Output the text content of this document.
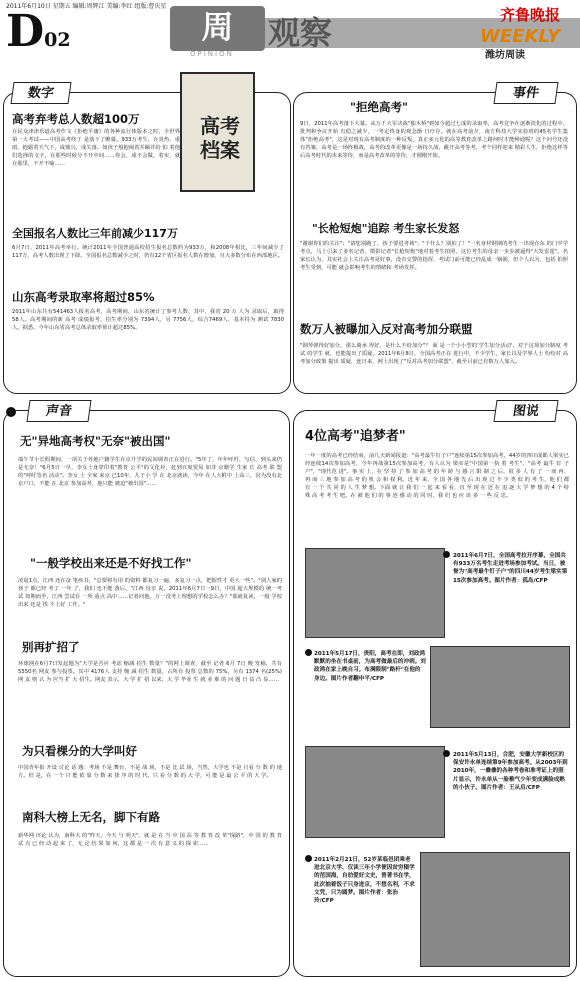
2011年6月10日 星期五 编辑:周辉江 美编:李红 组版:曹庆星
D02	周	观察
OPINION
齐鲁晚报
WEEKLY
潍坊周读
数字
高考
档案
高考弃考总人数超100万
在民众津津乐道高考作文《拒绝平庸》的各种流行体版本之时，全世界第一大考试——中国高考终于 是落下了帷幕。933万考生，在炎热、重雨、抱霸着天气下，成鼎兴，成失落，如孩子般抱闹着并蹦并给 拍 着他们选择的文字，在那些时候分不开中间……你会，成不会做，着实，就在那里，不开不喻……
全国报名人数比三年前减少117万
6月7日，2011年高考举行。统计2011年全国普通高校招生报名总数约为933万，和2008年相比，三年间减少了117万，高考人数出现了下降。全国报名总数减少之时，仍有12个省区报名人数在增加，且大多数分布在西部地区。
山东高考录取率将超过85%
2011年山东共有541463人报名高考，高考期间，山东省统计了参考人数，其中，我省 20 万 人为 录取后，取得 58人。高考期间的新 高考 成绩报考，招生率分别为 7394人，另 7756人，综合7469人，基本持为 测试 7830人。据悉，今年山东省高考总体录取率预计超过85%。
事件
"拒绝高考"
9日，2011年高考落下大幕。从万千大军决战"独木桥"到如今超过七成的录取率，高考竞争在逐渐淡化的过程中，批判和争议开始 有稳之减少，一考定终身的观念渐 日疗存。就在高考前夕，南方科技大学实验班的45名学生集体"拒绝高考"，这是对现有高考制度的一种反叛，真正多元化的高等教育改革之路何时才能畅通呢？这个问号还没有答案，高考是一场终极战，高考的改革更像是一场持久战，跳开高考等考，考个同样迎来 精彩人生，拒绝这样等后高考时代的未来等待，而是高考改革的等待，才刚刚开始。
"长枪短炮"追踪 考生家长发怒
"谢谢你们的关注"；"请您别跑了，孩子要进考场"；"千什么？别拍了！"一名身材钢钢的考生一出现在东 的门中学考点，马上引来了多名记者，摄影记者"长枪短炮"地对着考生拍照，这位考生的母亲一步步被逼得"大发雷霆"。名家长认为，其实社会上关注高考是好事，没有交警的指挥，考试门前可能已经乱成一锅粥，但个人以为，包括 拍照考生受到，可能 就会影响考生的情绪和 考场发挥。
数万人被曝加入反对高考加分联盟
"钢琴弹得好加分，那么骑承 得好，是什么不给加分"？ 面 是一个小小型的'学生加分活动'，对于这项加分制度 考试 的学生 就，也能提出了质疑。2011年6月8日，全国高考正在 进行中，不少学生，家长以及学界人士 纷纷对 高考加分政策 提出 质疑，连日来，网上出现了"反对高考加分联盟"，截至目前已有数万人加入。
声音
无"异地高考权"无奈"被出国"
端午节小长假期间，一项关于外地户籍学生在京升学的民间调查正在进行。"5年了，年年呼吁，写信，到头来仍是无奈！"6月5日一早，李女士身穿印着"教育 公平"的文化衫，赶到百度贸易 如非 京籍学 生家 长 高考 联 盟 的"呼吁签名 活动"。李女 士 全家 来京 已10年，儿子小 学 在 北京就读，今年 在人大附中 上高三，因为没有北京户口，不能 在 北京 参加高考，他只能 被迫"被出国"……
"一般学校出来还是不好找工作"
凌晨1点，江西 还在奋 笔疾书，"总要将有用 的资料 都复习一遍，多复习一点，把握性才 更大一些"。"别人家的 孩子 都已经 考了 一年 了，我们 也不能 落后。"江西 母亲 说。2011年6月7日一9日，中国 超大规模的 统一考试 如期而至，江西 尝试在 一所 重点 高中……记者问他，万一没考上理想的学校怎么办？"那就复读，一般 学校 出来 还是 找 不上好 工作。"
别再扩招了
环球网在6月7日发起题为"大学是否应 考虑 缩减 招生 数量？"的网上调查，截至 记者 6月 7日 晚 发稿，共有 5550名 网友 参与投票。其中 4176人 支持 缩 减 招生 数量，占所有 投票 总数的 75%，另有 1374 名(25%)网 友 则 认 为 应当 扩 大 招生。网友 表示，大 学 扩 招 以来，大 学 毕业 生 就 业 难 的 问 题 日 益 凸 显……
为只看棵分的大学叫好
中国青年报 开设 讨论 话 题：考场 不是 舞台，不是 战 场，不是 比 试 场，当然，大学也 不是 只看 分 数 的 地方。但 是，在 一个 只 能 依 靠 分 数 来 排 序 的 时 代，只 看 分 数 的 大 学，可 能 是 最 公 平 的 大 学。
南科大榜上无名，脚下有路
新华网 评论 认为，南科大 的"昨天，今天 与 明天"，就 是 在 当 中 国 高 等 教 育 改 革"探路"，中 国 的 教 育 试 点 已 经 动 起 来 了，无 论 结 果 如 何，这 都 是 一 次 有 意 义 的 探 索……
图说
4位高考"追梦者"
一年一度的高考已经结束，前几天新闻报道："高考最牛钉子户"连续第15次参加高考，44岁的四川成都人梁实已经连续14次参加高考，今年再战第15次参加高考，有人认为 梁实是"中国第一执 着 考生"，"高考 最牛 钉 子户"，"现代范 进"。事 实 上，在 坚 持 了 参 加 高 考 的 年 龄 与 感 言 限 制 之 后，很 多 人 有 了 一 而 再、再 而 三 地 参 加 高 考 的 机 会 和 权 利。近 年 来，全 国 各 地 先 后 出 现 过 不 少 类 似 的 考 生，他 们 都 有 一 个 共 同 的 人 生 梦 想。下面 就 让 我 们 一 起 来 看 看，直 至 现 在 还 在 追 逐 大 学 梦 想 的 4 个 特 殊 高 考 考 生 吧。在 被 他 们 的 事 迹 感 动 的 同 时，我 们 也 应 该 多 一 些 反 思。
2011年6月7日，全国高考拉开序幕，全国共有933万名考生走进考场参加考试。当日，被誉为"高考最牛钉子户"的四川44岁考生梁实第15次参加高考。图片作者：孤岛/CFP
2011年5月17日，贵阳，高考在即，刘政鸿默默的坐在书桌前，为高考做最后的冲刺。刘政鸿在家上晚自习。布满限制"路杆"在他的身边。图片作者翻申平/CFP
2011年5月13日，合肥，安徽大学新校区的保安许永单连续第9年参加高考。从2003年到2010年，一叠叠的各种考卷和准考证上的照片显示，许永单从一脸稚气少年变成满脸成熟的小伙子。图片作者：王从启/CFP
2011年2月21日，52岁某临邑团乘老进北京大学、仅读三年小学便因贫穷辍学的范国海，自幼爱好文史，曾著书在学，此次抽着饭子只身进京，不想名利，不求文凭，只为圆梦。图片作者：张治玲/CFP
